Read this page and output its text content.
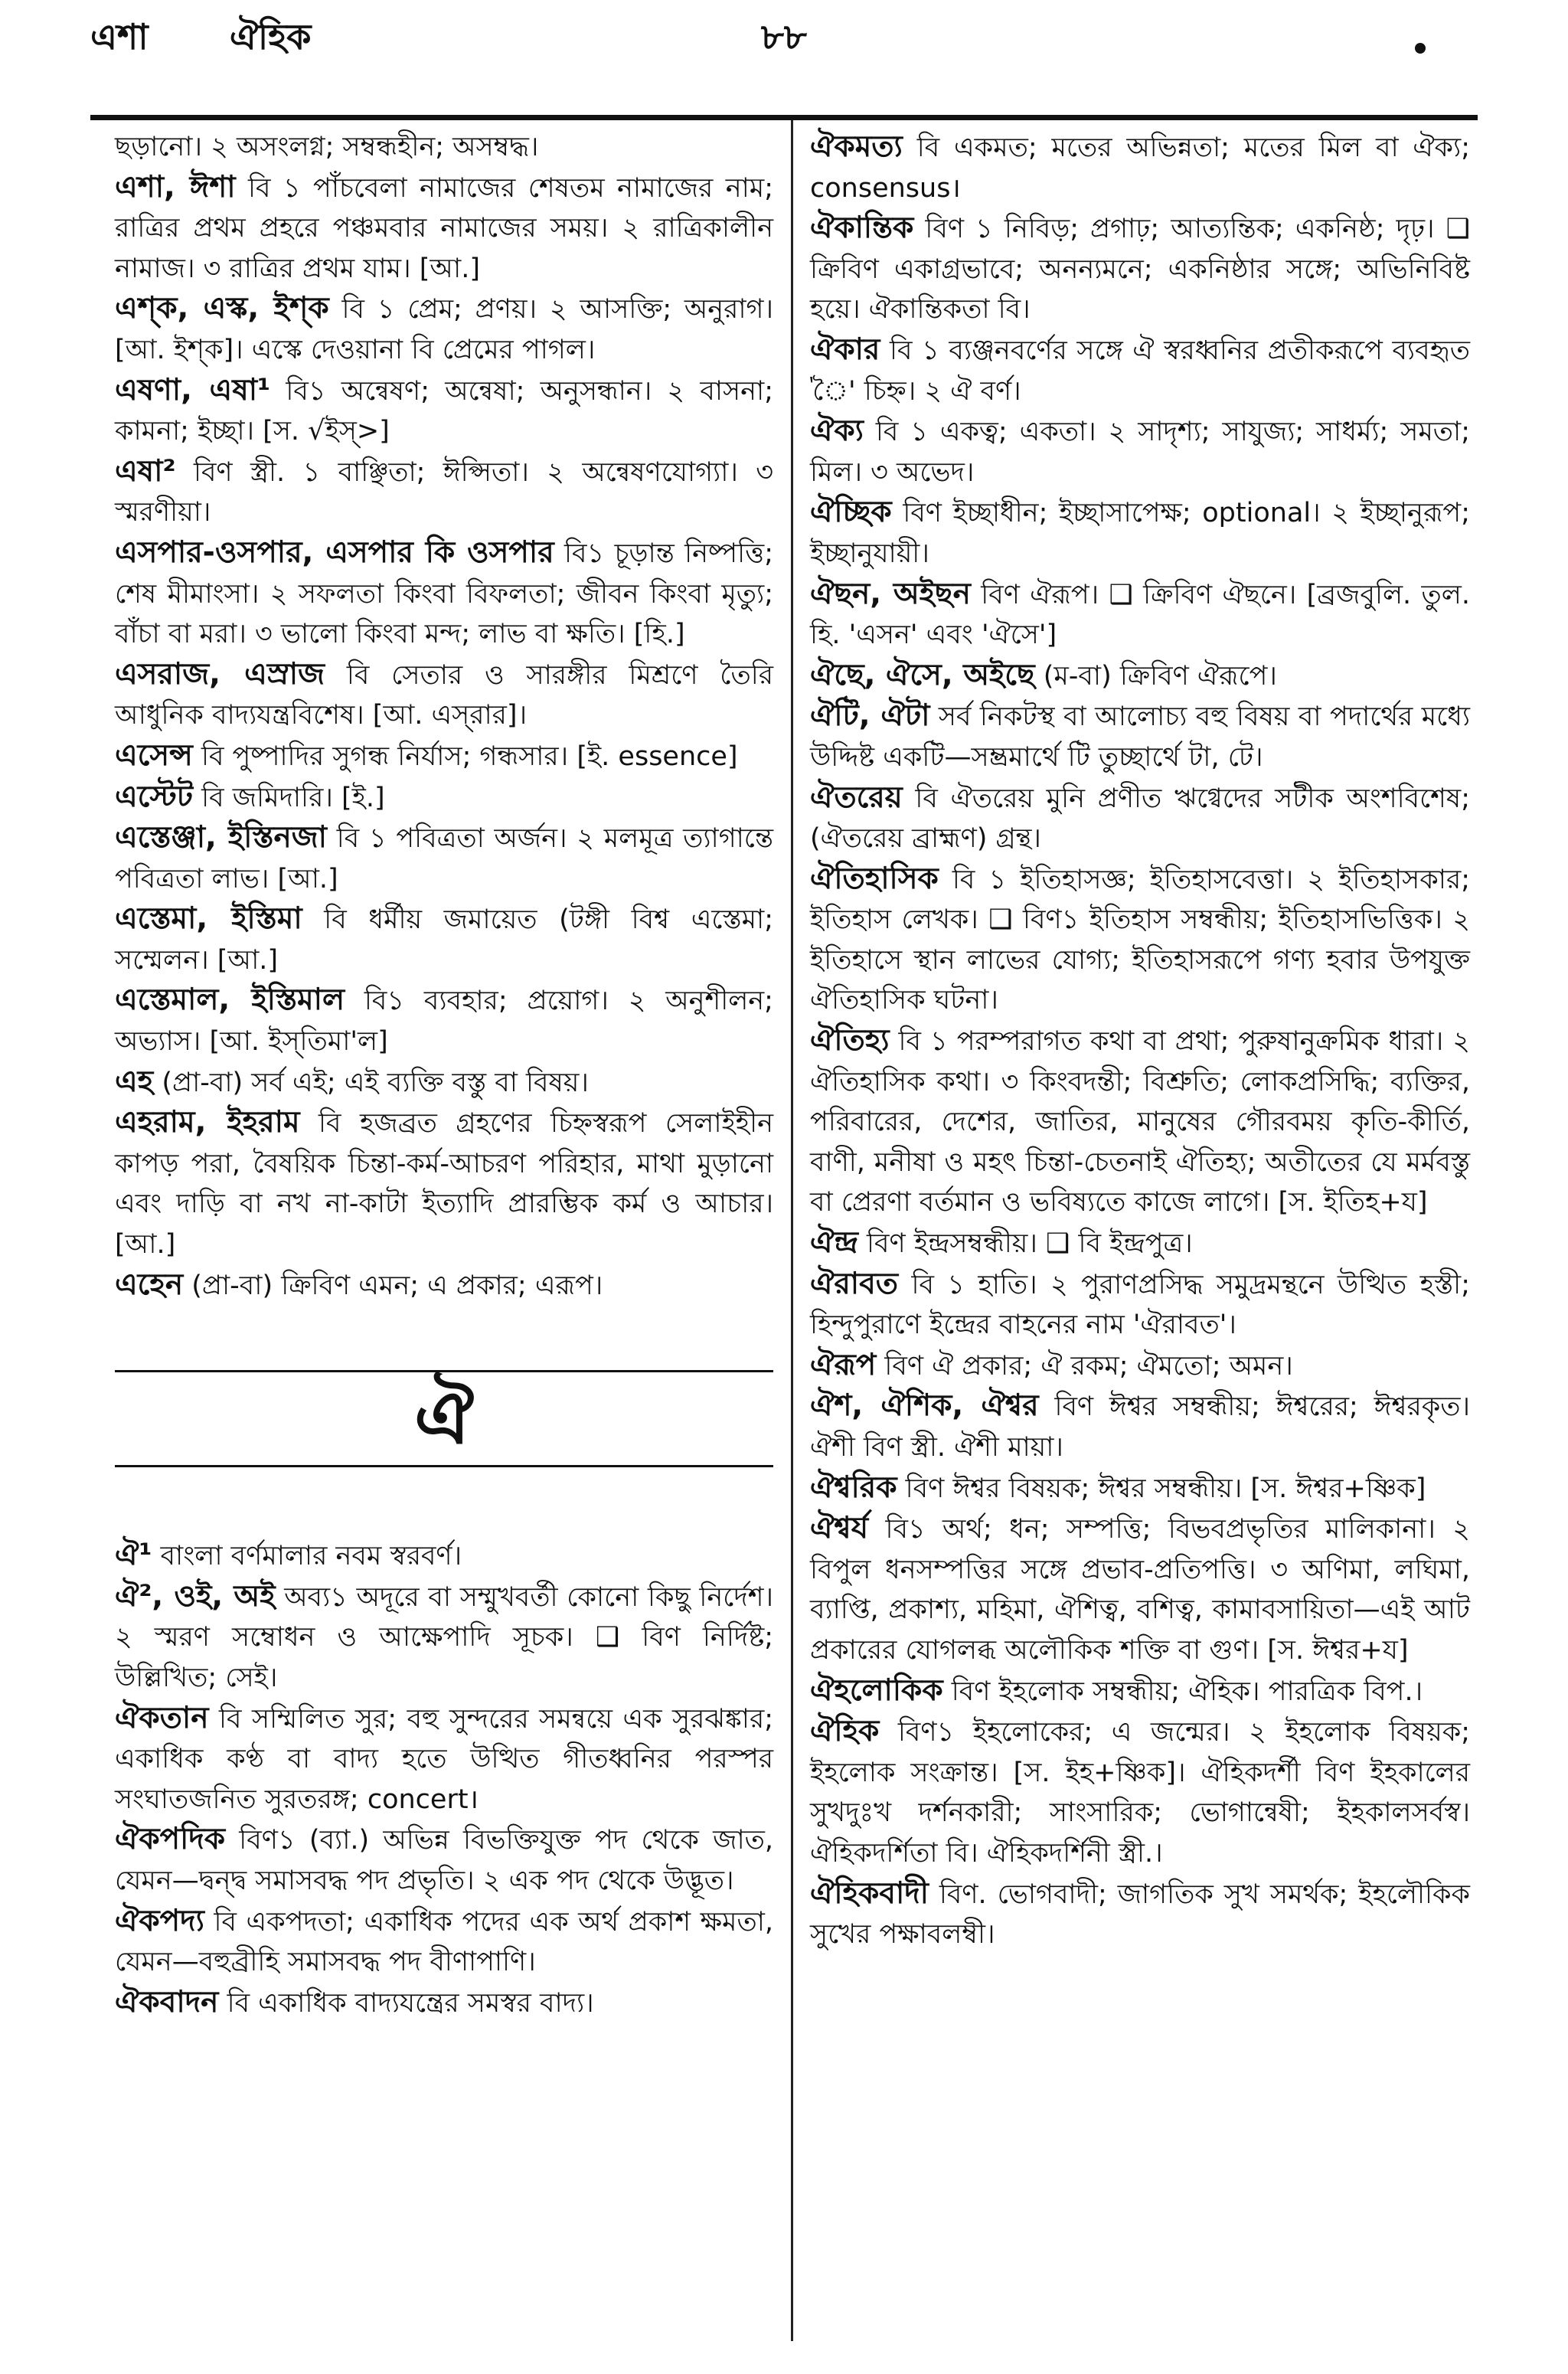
এশা ঐহিক	৮৮

ছড়ানো। ২ অসংলগ্ন; সম্বন্ধহীন; অসম্বদ্ধ।

এশা, ঈশা বি ১ পাঁচবেলা নামাজের শেষতম নামাজের নাম; রাত্রির প্রথম প্রহরে পঞ্চমবার নামাজের সময়। ২ রাত্রিকালীন নামাজ। ৩ রাত্রির প্রথম যাম। [আ.]

এশ্‌ক, এস্ক, ইশ্‌ক বি ১ প্রেম; প্রণয়। ২ আসক্তি; অনুরাগ। [আ. ইশ্‌ক]। এস্কে দেওয়ানা বি প্রেমের পাগল।

এষণা, এষা¹ বি১ অন্বেষণ; অন্বেষা; অনুসন্ধান। ২ বাসনা; কামনা; ইচ্ছা। [স. √ইস্>]

এষা² বিণ স্ত্রী. ১ বাঞ্ছিতা; ঈপ্সিতা। ২ অন্বেষণযোগ্যা। ৩ স্মরণীয়া।

এসপার-ওসপার, এসপার কি ওসপার বি১ চূড়ান্ত নিষ্পত্তি; শেষ মীমাংসা। ২ সফলতা কিংবা বিফলতা; জীবন কিংবা মৃত্যু; বাঁচা বা মরা। ৩ ভালো কিংবা মন্দ; লাভ বা ক্ষতি। [হি.]

এসরাজ, এস্রাজ বি সেতার ও সারঙ্গীর মিশ্রণে তৈরি আধুনিক বাদ্যযন্ত্রবিশেষ। [আ. এস্‌রার]।

এসেন্স বি পুষ্পাদির সুগন্ধ নির্যাস; গন্ধসার। [ই. essence]

এস্টেট বি জমিদারি। [ই.]

এস্তেঞ্জা, ইস্তিনজা বি ১ পবিত্রতা অর্জন। ২ মলমূত্র ত্যাগান্তে পবিত্রতা লাভ। [আ.]

এস্তেমা, ইস্তিমা বি ধর্মীয় জমায়েত (টঙ্গী বিশ্ব এস্তেমা; সম্মেলন। [আ.]

এস্তেমাল, ইস্তিমাল বি১ ব্যবহার; প্রয়োগ। ২ অনুশীলন; অভ্যাস। [আ. ইস্‌তিমা'ল]

এহ (প্রা-বা) সর্ব এই; এই ব্যক্তি বস্তু বা বিষয়।

এহরাম, ইহরাম বি হজব্রত গ্রহণের চিহ্নস্বরূপ সেলাইহীন কাপড় পরা, বৈষয়িক চিন্তা-কর্ম-আচরণ পরিহার, মাথা মুড়ানো এবং দাড়ি বা নখ না-কাটা ইত্যাদি প্রারম্ভিক কর্ম ও আচার। [আ.]

এহেন (প্রা-বা) ক্রিবিণ এমন; এ প্রকার; এরূপ।

ঐ

ঐ¹ বাংলা বর্ণমালার নবম স্বরবর্ণ।

ঐ², ওই, অই অব্য১ অদূরে বা সম্মুখবর্তী কোনো কিছু নির্দেশ। ২ স্মরণ সম্বোধন ও আক্ষেপাদি সূচক। ❑ বিণ নির্দিষ্ট; উল্লিখিত; সেই।

ঐকতান বি সম্মিলিত সুর; বহু সুন্দরের সমন্বয়ে এক সুরঝঙ্কার; একাধিক কণ্ঠ বা বাদ্য হতে উত্থিত গীতধ্বনির পরস্পর সংঘাতজনিত সুরতরঙ্গ; concert।

ঐকপদিক বিণ১ (ব্যা.) অভিন্ন বিভক্তিযুক্ত পদ থেকে জাত, যেমন—দ্বন্দ্ব সমাসবদ্ধ পদ প্রভৃতি। ২ এক পদ থেকে উদ্ভূত।

ঐকপদ্য বি একপদতা; একাধিক পদের এক অর্থ প্রকাশ ক্ষমতা, যেমন—বহুব্রীহি সমাসবদ্ধ পদ বীণাপাণি।

ঐকবাদন বি একাধিক বাদ্যযন্ত্রের সমস্বর বাদ্য।

ঐকমত্য বি একমত; মতের অভিন্নতা; মতের মিল বা ঐক্য; consensus।

ঐকান্তিক বিণ ১ নিবিড়; প্রগাঢ়; আত্যন্তিক; একনিষ্ঠ; দৃঢ়। ❑ ক্রিবিণ একাগ্রভাবে; অনন্যমনে; একনিষ্ঠার সঙ্গে; অভিনিবিষ্ট হয়ে। ঐকান্তিকতা বি।

ঐকার বি ১ ব্যঞ্জনবর্ণের সঙ্গে ঐ স্বরধ্বনির প্রতীকরূপে ব্যবহৃত 'ৈ' চিহ্ন। ২ ঐ বর্ণ।

ঐক্য বি ১ একত্ব; একতা। ২ সাদৃশ্য; সাযুজ্য; সাধর্ম্য; সমতা; মিল। ৩ অভেদ।

ঐচ্ছিক বিণ ইচ্ছাধীন; ইচ্ছাসাপেক্ষ; optional। ২ ইচ্ছানুরূপ; ইচ্ছানুযায়ী।

ঐছন, অইছন বিণ ঐরূপ। ❑ ক্রিবিণ ঐছনে। [ব্রজবুলি. তুল. হি. 'এসন' এবং 'ঐসে']

ঐছে, ঐসে, অইছে (ম-বা) ক্রিবিণ ঐরূপে।

ঐটি, ঐটা সর্ব নিকটস্থ বা আলোচ্য বহু বিষয় বা পদার্থের মধ্যে উদ্দিষ্ট একটি—সম্ভ্রমার্থে টি তুচ্ছার্থে টা, টে।

ঐতরেয় বি ঐতরেয় মুনি প্রণীত ঋগ্বেদের সটীক অংশবিশেষ; (ঐতরেয় ব্রাহ্মণ) গ্রন্থ।

ঐতিহাসিক বি ১ ইতিহাসজ্ঞ; ইতিহাসবেত্তা। ২ ইতিহাসকার; ইতিহাস লেখক। ❑ বিণ১ ইতিহাস সম্বন্ধীয়; ইতিহাসভিত্তিক। ২ ইতিহাসে স্থান লাভের যোগ্য; ইতিহাসরূপে গণ্য হবার উপযুক্ত ঐতিহাসিক ঘটনা।

ঐতিহ্য বি ১ পরম্পরাগত কথা বা প্রথা; পুরুষানুক্রমিক ধারা। ২ ঐতিহাসিক কথা। ৩ কিংবদন্তী; বিশ্রুতি; লোকপ্রসিদ্ধি; ব্যক্তির, পরিবারের, দেশের, জাতির, মানুষের গৌরবময় কৃতি-কীর্তি, বাণী, মনীষা ও মহৎ চিন্তা-চেতনাই ঐতিহ্য; অতীতের যে মর্মবস্তু বা প্রেরণা বর্তমান ও ভবিষ্যতে কাজে লাগে। [স. ইতিহ+য]

ঐন্দ্র বিণ ইন্দ্রসম্বন্ধীয়। ❑ বি ইন্দ্রপুত্র।

ঐরাবত বি ১ হাতি। ২ পুরাণপ্রসিদ্ধ সমুদ্রমন্থনে উত্থিত হস্তী; হিন্দুপুরাণে ইন্দ্রের বাহনের নাম 'ঐরাবত'।

ঐরূপ বিণ ঐ প্রকার; ঐ রকম; ঐমতো; অমন।

ঐশ, ঐশিক, ঐশ্বর বিণ ঈশ্বর সম্বন্ধীয়; ঈশ্বরের; ঈশ্বরকৃত। ঐশী বিণ স্ত্রী. ঐশী মায়া।

ঐশ্বরিক বিণ ঈশ্বর বিষয়ক; ঈশ্বর সম্বন্ধীয়। [স. ঈশ্বর+ষ্ণিক]

ঐশ্বর্য বি১ অর্থ; ধন; সম্পত্তি; বিভবপ্রভৃতির মালিকানা। ২ বিপুল ধনসম্পত্তির সঙ্গে প্রভাব-প্রতিপত্তি। ৩ অণিমা, লঘিমা, ব্যাপ্তি, প্রকাশ্য, মহিমা, ঐশিত্ব, বশিত্ব, কামাবসায়িতা—এই আট প্রকারের যোগলব্ধ অলৌকিক শক্তি বা গুণ। [স. ঈশ্বর+য]

ঐহলোকিক বিণ ইহলোক সম্বন্ধীয়; ঐহিক। পারত্রিক বিপ.।

ঐহিক বিণ১ ইহলোকের; এ জন্মের। ২ ইহলোক বিষয়ক; ইহলোক সংক্রান্ত। [স. ইহ+ষ্ণিক]। ঐহিকদর্শী বিণ ইহকালের সুখদুঃখ দর্শনকারী; সাংসারিক; ভোগান্বেষী; ইহকালসর্বস্ব। ঐহিকদর্শিতা বি। ঐহিকদর্শিনী স্ত্রী.।

ঐহিকবাদী বিণ. ভোগবাদী; জাগতিক সুখ সমর্থক; ইহলৌকিক সুখের পক্ষাবলম্বী।
